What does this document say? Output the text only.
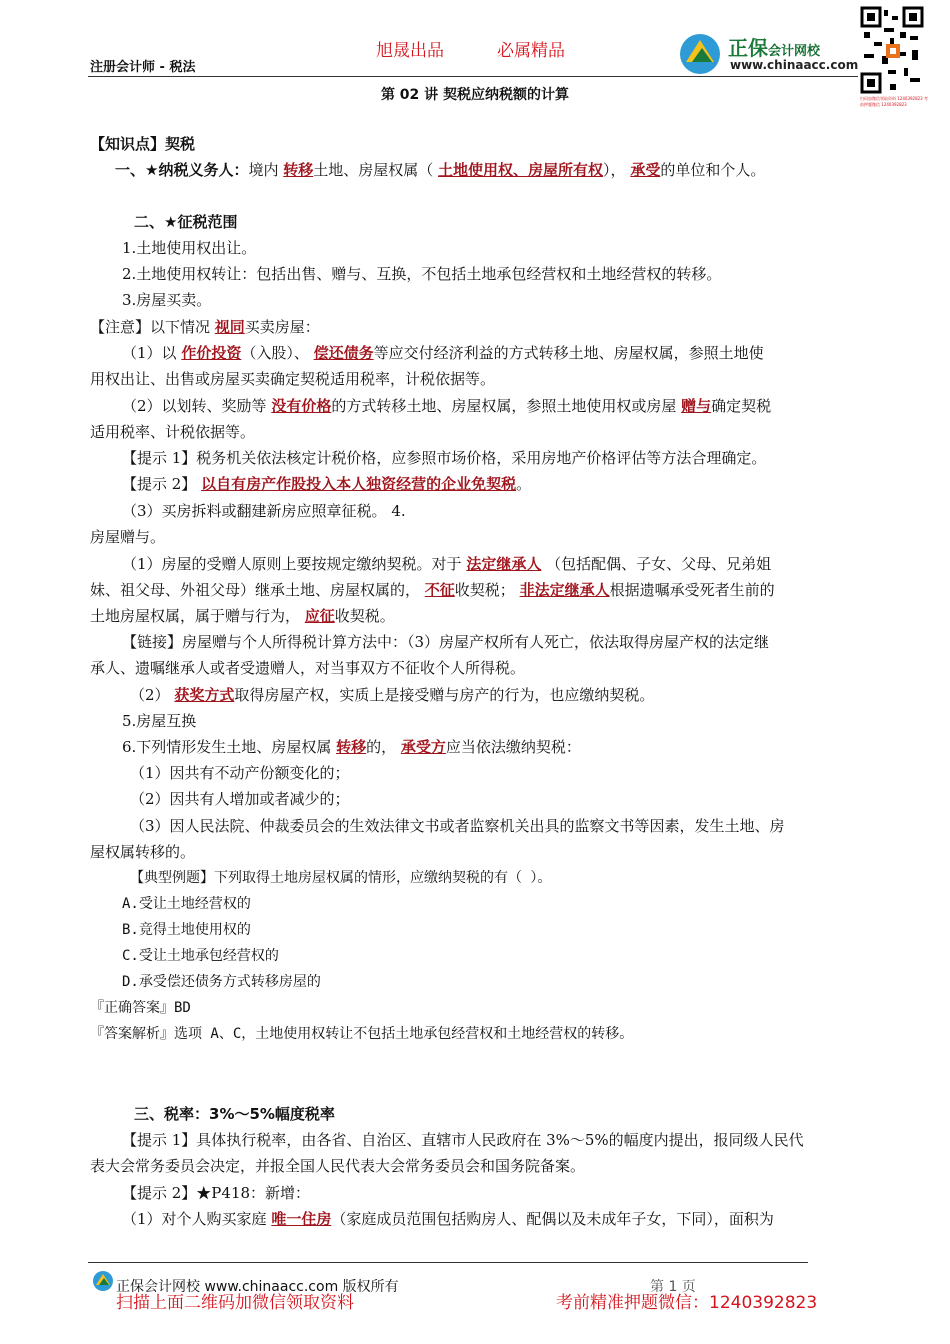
注册会计师 - 税法
旭晟出品	必属精品	正保会计网校
www.chinaacc.com
扫码加微信领取资料 1240392823 考前押题微信 1240392823
第 02 讲 契税应纳税额的计算
【知识点】契税
一、★纳税义务人：境内 转移土地、房屋权属（ 土地使用权、房屋所有权）， 承受的单位和个人。
二、★征税范围
1.土地使用权出让。
2.土地使用权转让：包括出售、赠与、互换，不包括土地承包经营权和土地经营权的转移。
3.房屋买卖。
【注意】以下情况 视同买卖房屋：
（1）以 作价投资（入股）、 偿还债务等应交付经济利益的方式转移土地、房屋权属，参照土地使
用权出让、出售或房屋买卖确定契税适用税率，计税依据等。
（2）以划转、奖励等 没有价格的方式转移土地、房屋权属，参照土地使用权或房屋 赠与确定契税
适用税率、计税依据等。
【提示 1】税务机关依法核定计税价格，应参照市场价格，采用房地产价格评估等方法合理确定。
【提示 2】 以自有房产作股投入本人独资经营的企业免契税。
（3）买房拆料或翻建新房应照章征税。 4.
房屋赠与。
（1）房屋的受赠人原则上要按规定缴纳契税。对于 法定继承人 （包括配偶、子女、父母、兄弟姐
妹、祖父母、外祖父母）继承土地、房屋权属的， 不征收契税； 非法定继承人根据遗嘱承受死者生前的
土地房屋权属，属于赠与行为， 应征收契税。
【链接】房屋赠与个人所得税计算方法中：（3）房屋产权所有人死亡，依法取得房屋产权的法定继
承人、遗嘱继承人或者受遗赠人，对当事双方不征收个人所得税。
（2） 获奖方式取得房屋产权，实质上是接受赠与房产的行为，也应缴纳契税。
5.房屋互换
6.下列情形发生土地、房屋权属 转移的， 承受方应当依法缴纳契税：
（1）因共有不动产份额变化的；
（2）因共有人增加或者减少的；
（3）因人民法院、仲裁委员会的生效法律文书或者监察机关出具的监察文书等因素，发生土地、房
屋权属转移的。
【典型例题】下列取得土地房屋权属的情形，应缴纳契税的有（ ）。
A.受让土地经营权的
B.竞得土地使用权的
C.受让土地承包经营权的
D.承受偿还债务方式转移房屋的
『正确答案』BD
『答案解析』选项 A、C，土地使用权转让不包括土地承包经营权和土地经营权的转移。
三、税率：3%～5%幅度税率
【提示 1】具体执行税率，由各省、自治区、直辖市人民政府在 3%～5%的幅度内提出，报同级人民代
表大会常务委员会决定，并报全国人民代表大会常务委员会和国务院备案。
【提示 2】★P418：新增：
（1）对个人购买家庭 唯一住房（家庭成员范围包括购房人、配偶以及未成年子女，下同），面积为
正保会计网校 www.chinaacc.com 版权所有	第 1 页
扫描上面二维码加微信领取资料	考前精准押题微信：1240392823
